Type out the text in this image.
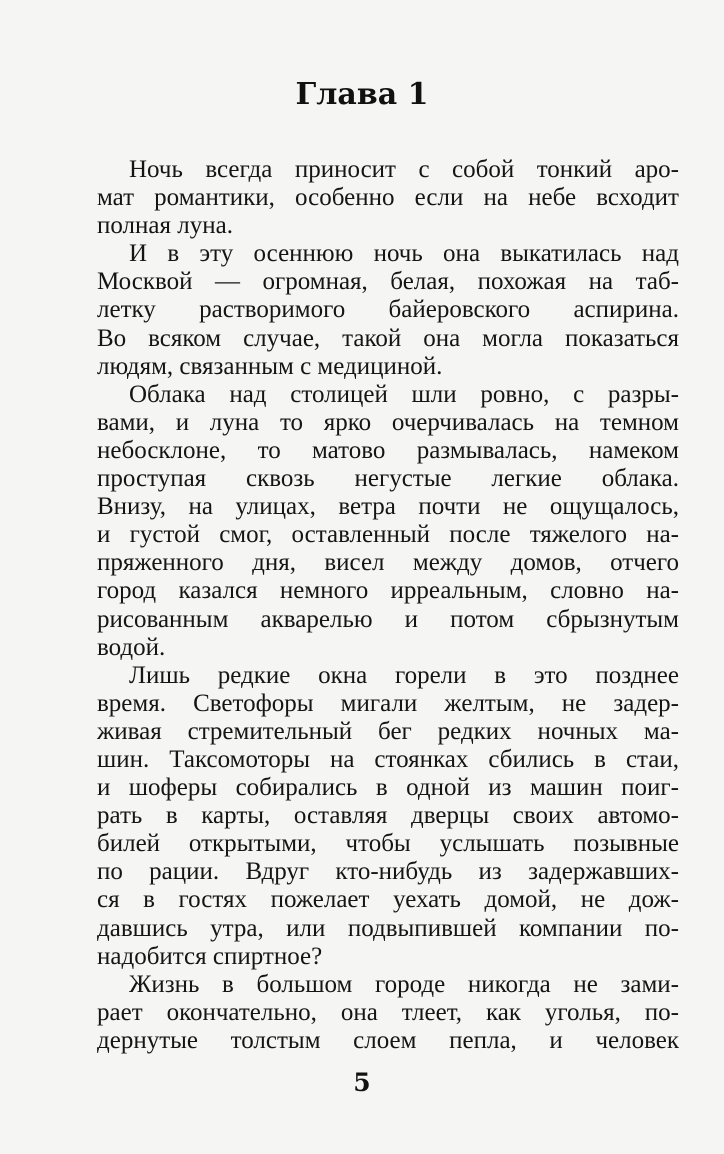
Глава 1

Ночь всегда приносит с собой тонкий аро-
мат романтики, особенно если на небе всходит
полная луна.

И в эту осеннюю ночь она выкатилась над
Москвой — огромная, белая, похожая на таб-
летку растворимого байеровского аспирина.
Во всяком случае, такой она могла показаться
людям, связанным с медициной.

Облака над столицей шли ровно, с разры-
вами, и луна то ярко очерчивалась на темном
небосклоне, то матово размывалась, намеком
проступая сквозь негустые легкие облака.
Внизу, на улицах, ветра почти не ощущалось,
и густой смог, оставленный после тяжелого на-
пряженного дня, висел между домов, отчего
город казался немного ирреальным, словно на-
рисованным акварелью и потом сбрызнутым
водой.

Лишь редкие окна горели в это позднее
время. Светофоры мигали желтым, не задер-
живая стремительный бег редких ночных ма-
шин. Таксомоторы на стоянках сбились в стаи,
и шоферы собирались в одной из машин поиг-
рать в карты, оставляя дверцы своих автомо-
билей открытыми, чтобы услышать позывные
по рации. Вдруг кто-нибудь из задержавших-
ся в гостях пожелает уехать домой, не дож-
давшись утра, или подвыпившей компании по-
надобится спиртное?

Жизнь в большом городе никогда не зами-
рает окончательно, она тлеет, как уголья, по-
дернутые толстым слоем пепла, и человек

5
